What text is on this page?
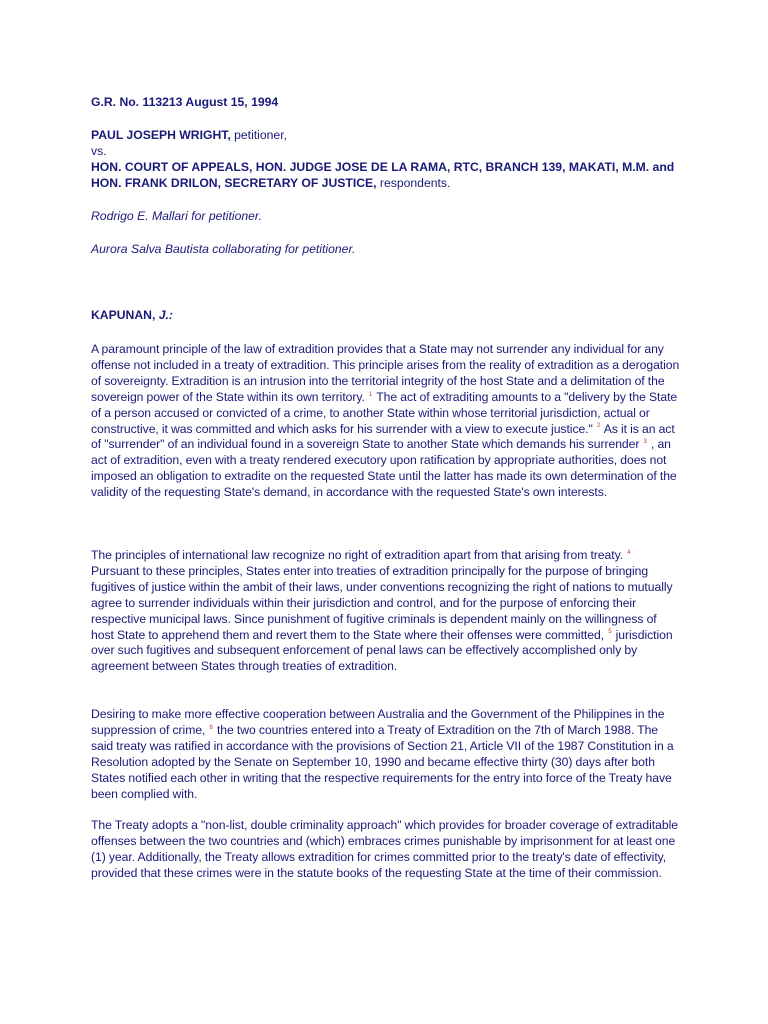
G.R. No. 113213 August 15, 1994
PAUL JOSEPH WRIGHT, petitioner,
vs.
HON. COURT OF APPEALS, HON. JUDGE JOSE DE LA RAMA, RTC, BRANCH 139, MAKATI, M.M. and HON. FRANK DRILON, SECRETARY OF JUSTICE, respondents.
Rodrigo E. Mallari for petitioner.
Aurora Salva Bautista collaborating for petitioner.
KAPUNAN, J.:

A paramount principle of the law of extradition provides that a State may not surrender any individual for any offense not included in a treaty of extradition. This principle arises from the reality of extradition as a derogation of sovereignty. Extradition is an intrusion into the territorial integrity of the host State and a delimitation of the sovereign power of the State within its own territory. $^1$ The act of extraditing amounts to a "delivery by the State of a person accused or convicted of a crime, to another State within whose territorial jurisdiction, actual or constructive, it was committed and which asks for his surrender with a view to execute justice." $^2$ As it is an act of "surrender" of an individual found in a sovereign State to another State which demands his surrender $^3$ , an act of extradition, even with a treaty rendered executory upon ratification by appropriate authorities, does not imposed an obligation to extradite on the requested State until the latter has made its own determination of the validity of the requesting State's demand, in accordance with the requested State's own interests.

The principles of international law recognize no right of extradition apart from that arising from treaty. $^4$ Pursuant to these principles, States enter into treaties of extradition principally for the purpose of bringing fugitives of justice within the ambit of their laws, under conventions recognizing the right of nations to mutually agree to surrender individuals within their jurisdiction and control, and for the purpose of enforcing their respective municipal laws. Since punishment of fugitive criminals is dependent mainly on the willingness of host State to apprehend them and revert them to the State where their offenses were committed, $^5$ jurisdiction over such fugitives and subsequent enforcement of penal laws can be effectively accomplished only by agreement between States through treaties of extradition.

Desiring to make more effective cooperation between Australia and the Government of the Philippines in the suppression of crime, $^6$ the two countries entered into a Treaty of Extradition on the 7th of March 1988. The said treaty was ratified in accordance with the provisions of Section 21, Article VII of the 1987 Constitution in a Resolution adopted by the Senate on September 10, 1990 and became effective thirty (30) days after both States notified each other in writing that the respective requirements for the entry into force of the Treaty have been complied with.

The Treaty adopts a "non-list, double criminality approach" which provides for broader coverage of extraditable offenses between the two countries and (which) embraces crimes punishable by imprisonment for at least one (1) year. Additionally, the Treaty allows extradition for crimes committed prior to the treaty's date of effectivity, provided that these crimes were in the statute books of the requesting State at the time of their commission.
